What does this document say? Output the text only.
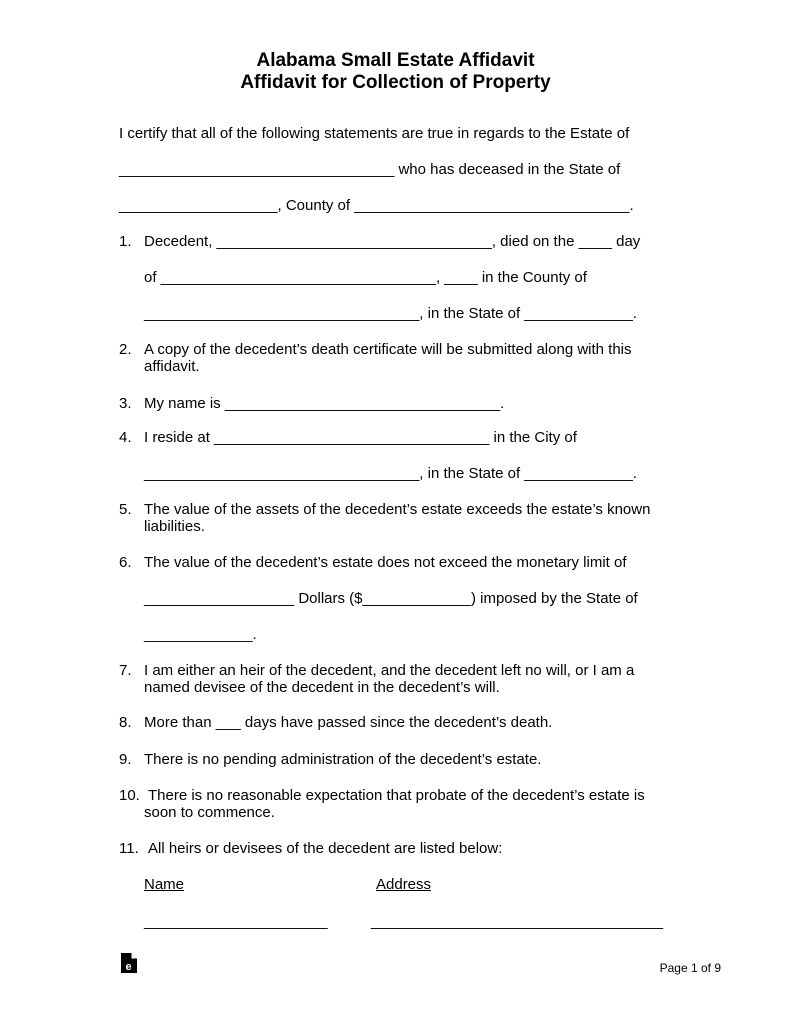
Alabama Small Estate Affidavit
Affidavit for Collection of Property
I certify that all of the following statements are true in regards to the Estate of
_________________________________ who has deceased in the State of
___________________, County of _________________________________.
1. Decedent, _________________________________, died on the ____ day
of _________________________________, ____ in the County of
_________________________________, in the State of _____________.
2. A copy of the decedent’s death certificate will be submitted along with this
affidavit.
3. My name is _________________________________.
4. I reside at _________________________________ in the City of
_________________________________, in the State of _____________.
5. The value of the assets of the decedent’s estate exceeds the estate’s known
liabilities.
6. The value of the decedent’s estate does not exceed the monetary limit of
__________________ Dollars ($_____________) imposed by the State of
_____________.
7. I am either an heir of the decedent, and the decedent left no will, or I am a
named devisee of the decedent in the decedent’s will.
8. More than ___ days have passed since the decedent’s death.
9. There is no pending administration of the decedent’s estate.
10. There is no reasonable expectation that probate of the decedent’s estate is
soon to commence.
11. All heirs or devisees of the decedent are listed below:
Name	Address
______________________	___________________________________
e	Page 1 of 9
